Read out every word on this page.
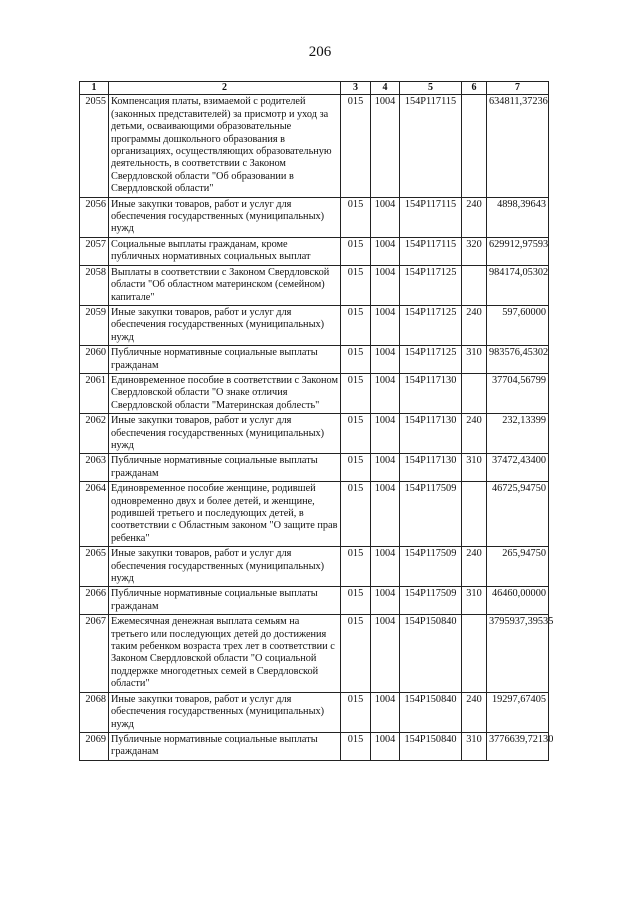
206
1	2	3	4	5	6	7
2055	Компенсация платы, взимаемой с родителей (законных представителей) за присмотр и уход за детьми, осваивающими образовательные программы дошкольного образования в организациях, осуществляющих образовательную деятельность, в соответствии с Законом Свердловской области "Об образовании в Свердловской области"	015	1004	154P117115		634811,37236
2056	Иные закупки товаров, работ и услуг для обеспечения государственных (муниципальных) нужд	015	1004	154P117115	240	4898,39643
2057	Социальные выплаты гражданам, кроме публичных нормативных социальных выплат	015	1004	154P117115	320	629912,97593
2058	Выплаты в соответствии с Законом Свердловской области "Об областном материнском (семейном) капитале"	015	1004	154P117125		984174,05302
2059	Иные закупки товаров, работ и услуг для обеспечения государственных (муниципальных) нужд	015	1004	154P117125	240	597,60000
2060	Публичные нормативные социальные выплаты гражданам	015	1004	154P117125	310	983576,45302
2061	Единовременное пособие в соответствии с Законом Свердловской области "О знаке отличия Свердловской области "Материнская доблесть"	015	1004	154P117130		37704,56799
2062	Иные закупки товаров, работ и услуг для обеспечения государственных (муниципальных) нужд	015	1004	154P117130	240	232,13399
2063	Публичные нормативные социальные выплаты гражданам	015	1004	154P117130	310	37472,43400
2064	Единовременное пособие женщине, родившей одновременно двух и более детей, и женщине, родившей третьего и последующих детей, в соответствии с Областным законом "О защите прав ребенка"	015	1004	154P117509		46725,94750
2065	Иные закупки товаров, работ и услуг для обеспечения государственных (муниципальных) нужд	015	1004	154P117509	240	265,94750
2066	Публичные нормативные социальные выплаты гражданам	015	1004	154P117509	310	46460,00000
2067	Ежемесячная денежная выплата семьям на третьего или последующих детей до достижения таким ребенком возраста трех лет в соответствии с Законом Свердловской области "О социальной поддержке многодетных семей в Свердловской области"	015	1004	154P150840		3795937,39535
2068	Иные закупки товаров, работ и услуг для обеспечения государственных (муниципальных) нужд	015	1004	154P150840	240	19297,67405
2069	Публичные нормативные социальные выплаты гражданам	015	1004	154P150840	310	3776639,72130
